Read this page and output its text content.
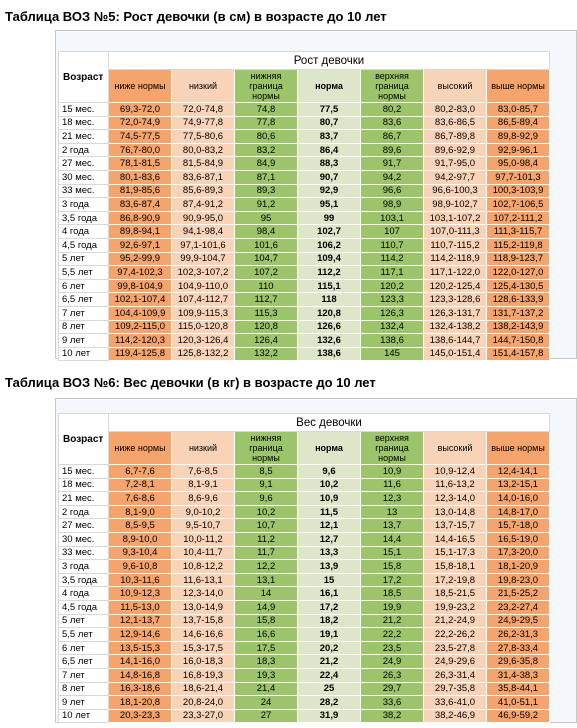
Таблица ВОЗ №5: Рост девочки (в см) в возрасте до 10 лет
Возраст	Рост девочки						
	ниже нормы	низкий	нижняя граница нормы	норма	верхняя граница нормы	высокий	выше нормы
15 мес.	69,3-72,0	72,0-74,8	74,8	77,5	80,2	80,2-83,0	83,0-85,7
18 мес.	72,0-74,9	74,9-77,8	77,8	80,7	83,6	83,6-86,5	86,5-89,4
21 мес.	74,5-77,5	77,5-80,6	80,6	83,7	86,7	86,7-89,8	89,8-92,9
2 года	76,7-80,0	80,0-83,2	83,2	86,4	89,6	89,6-92,9	92,9-96,1
27 мес.	78,1-81,5	81,5-84,9	84,9	88,3	91,7	91,7-95,0	95,0-98,4
30 мес.	80,1-83,6	83,6-87,1	87,1	90,7	94,2	94,2-97,7	97,7-101,3
33 мес.	81,9-85,6	85,6-89,3	89,3	92,9	96,6	96,6-100,3	100,3-103,9
3 года	83,6-87,4	87,4-91,2	91,2	95,1	98,9	98,9-102,7	102,7-106,5
3,5 года	86,8-90,9	90,9-95,0	95	99	103,1	103,1-107,2	107,2-111,2
4 года	89,8-94,1	94,1-98,4	98,4	102,7	107	107,0-111,3	111,3-115,7
4,5 года	92,6-97,1	97,1-101,6	101,6	106,2	110,7	110,7-115,2	115,2-119,8
5 лет	95,2-99,9	99,9-104,7	104,7	109,4	114,2	114,2-118,9	118,9-123,7
5,5 лет	97,4-102,3	102,3-107,2	107,2	112,2	117,1	117,1-122,0	122,0-127,0
6 лет	99,8-104,9	104,9-110,0	110	115,1	120,2	120,2-125,4	125,4-130,5
6,5 лет	102,1-107,4	107,4-112,7	112,7	118	123,3	123,3-128,6	128,6-133,9
7 лет	104,4-109,9	109,9-115,3	115,3	120,8	126,3	126,3-131,7	131,7-137,2
8 лет	109,2-115,0	115,0-120,8	120,8	126,6	132,4	132,4-138,2	138,2-143,9
9 лет	114,2-120,3	120,3-126,4	126,4	132,6	138,6	138,6-144,7	144,7-150,8
10 лет	119,4-125,8	125,8-132,2	132,2	138,6	145	145,0-151,4	151,4-157,8
Таблица ВОЗ №6: Вес девочки (в кг) в возрасте до 10 лет
Возраст	Вес девочки						
	ниже нормы	низкий	нижняя граница нормы	норма	верхняя граница нормы	высокий	выше нормы
15 мес.	6,7-7,6	7,6-8,5	8,5	9,6	10,9	10,9-12,4	12,4-14,1
18 мес.	7,2-8,1	8,1-9,1	9,1	10,2	11,6	11,6-13,2	13,2-15,1
21 мес.	7,6-8,6	8,6-9,6	9,6	10,9	12,3	12,3-14,0	14,0-16,0
2 года	8,1-9,0	9,0-10,2	10,2	11,5	13	13,0-14,8	14,8-17,0
27 мес.	8,5-9,5	9,5-10,7	10,7	12,1	13,7	13,7-15,7	15,7-18,0
30 мес.	8,9-10,0	10,0-11,2	11,2	12,7	14,4	14,4-16,5	16,5-19,0
33 мес.	9,3-10,4	10,4-11,7	11,7	13,3	15,1	15,1-17,3	17,3-20,0
3 года	9,6-10,8	10,8-12,2	12,2	13,9	15,8	15,8-18,1	18,1-20,9
3,5 года	10,3-11,6	11,6-13,1	13,1	15	17,2	17,2-19,8	19,8-23,0
4 года	10,9-12,3	12,3-14,0	14	16,1	18,5	18,5-21,5	21,5-25,2
4,5 года	11,5-13,0	13,0-14,9	14,9	17,2	19,9	19,9-23,2	23,2-27,4
5 лет	12,1-13,7	13,7-15,8	15,8	18,2	21,2	21,2-24,9	24,9-29,5
5,5 лет	12,9-14,6	14,6-16,6	16,6	19,1	22,2	22,2-26,2	26,2-31,3
6 лет	13,5-15,3	15,3-17,5	17,5	20,2	23,5	23,5-27,8	27,8-33,4
6,5 лет	14,1-16,0	16,0-18,3	18,3	21,2	24,9	24,9-29,6	29,6-35,8
7 лет	14,8-16,8	16,8-19,3	19,3	22,4	26,3	26,3-31,4	31,4-38,3
8 лет	16,3-18,6	18,6-21,4	21,4	25	29,7	29,7-35,8	35,8-44,1
9 лет	18,1-20,8	20,8-24,0	24	28,2	33,6	33,6-41,0	41,0-51,1
10 лет	20,3-23,3	23,3-27,0	27	31,9	38,2	38,2-46,9	46,9-59,2
